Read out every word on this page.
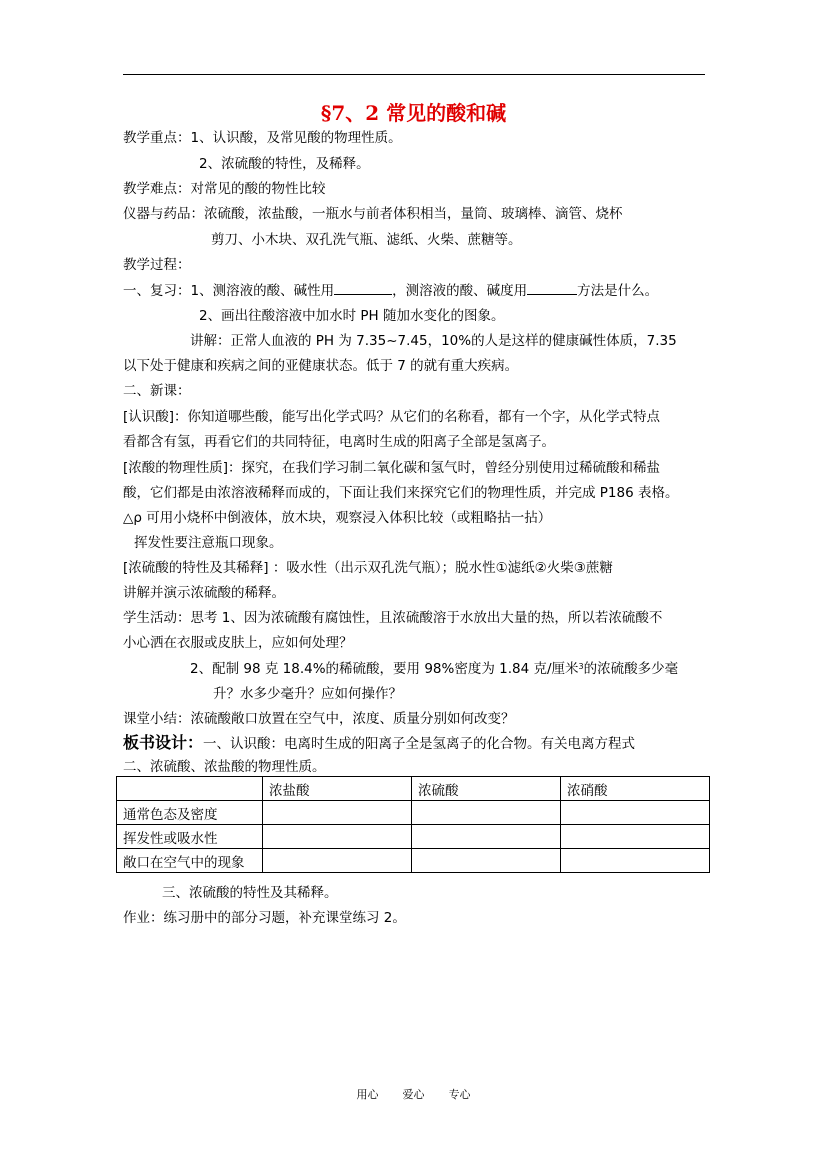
§7、2 常见的酸和碱
教学重点：1、认识酸，及常见酸的物理性质。
2、浓硫酸的特性，及稀释。
教学难点：对常见的酸的物性比较
仪器与药品：浓硫酸，浓盐酸，一瓶水与前者体积相当，量筒、玻璃棒、滴管、烧杯
剪刀、小木块、双孔洗气瓶、滤纸、火柴、蔗糖等。
教学过程：
一、复习：1、测溶液的酸、碱性用	，测溶液的酸、碱度用	方法是什么。
2、画出往酸溶液中加水时 PH 随加水变化的图象。
讲解：正常人血液的 PH 为 7.35~7.45，10%的人是这样的健康碱性体质，7.35
以下处于健康和疾病之间的亚健康状态。低于 7 的就有重大疾病。
二、新课：
[认识酸]：你知道哪些酸，能写出化学式吗？从它们的名称看，都有一个字，从化学式特点
看都含有氢，再看它们的共同特征，电离时生成的阳离子全部是氢离子。
[浓酸的物理性质]：探究，在我们学习制二氧化碳和氢气时，曾经分别使用过稀硫酸和稀盐
酸，它们都是由浓溶液稀释而成的，下面让我们来探究它们的物理性质，并完成 P186 表格。
△ρ 可用小烧杯中倒液体，放木块，观察浸入体积比较（或粗略拈一拈）
挥发性要注意瓶口现象。
[浓硫酸的特性及其稀释] ：吸水性（出示双孔洗气瓶）；脱水性①滤纸②火柴③蔗糖
讲解并演示浓硫酸的稀释。
学生活动：思考 1、因为浓硫酸有腐蚀性，且浓硫酸溶于水放出大量的热，所以若浓硫酸不
小心洒在衣服或皮肤上，应如何处理？
2、配制 98 克 18.4%的稀硫酸，要用 98%密度为 1.84 克/厘米$^3$的浓硫酸多少毫
升？水多少毫升？应如何操作？
课堂小结：浓硫酸敞口放置在空气中，浓度、质量分别如何改变？
板书设计：一、认识酸：电离时生成的阳离子全是氢离子的化合物。有关电离方程式
二、浓硫酸、浓盐酸的物理性质。
	浓盐酸	浓硫酸	浓硝酸
通常色态及密度			
挥发性或吸水性			
敞口在空气中的现象			
三、浓硫酸的特性及其稀释。
作业：练习册中的部分习题，补充课堂练习 2。
用心 爱心 专心
